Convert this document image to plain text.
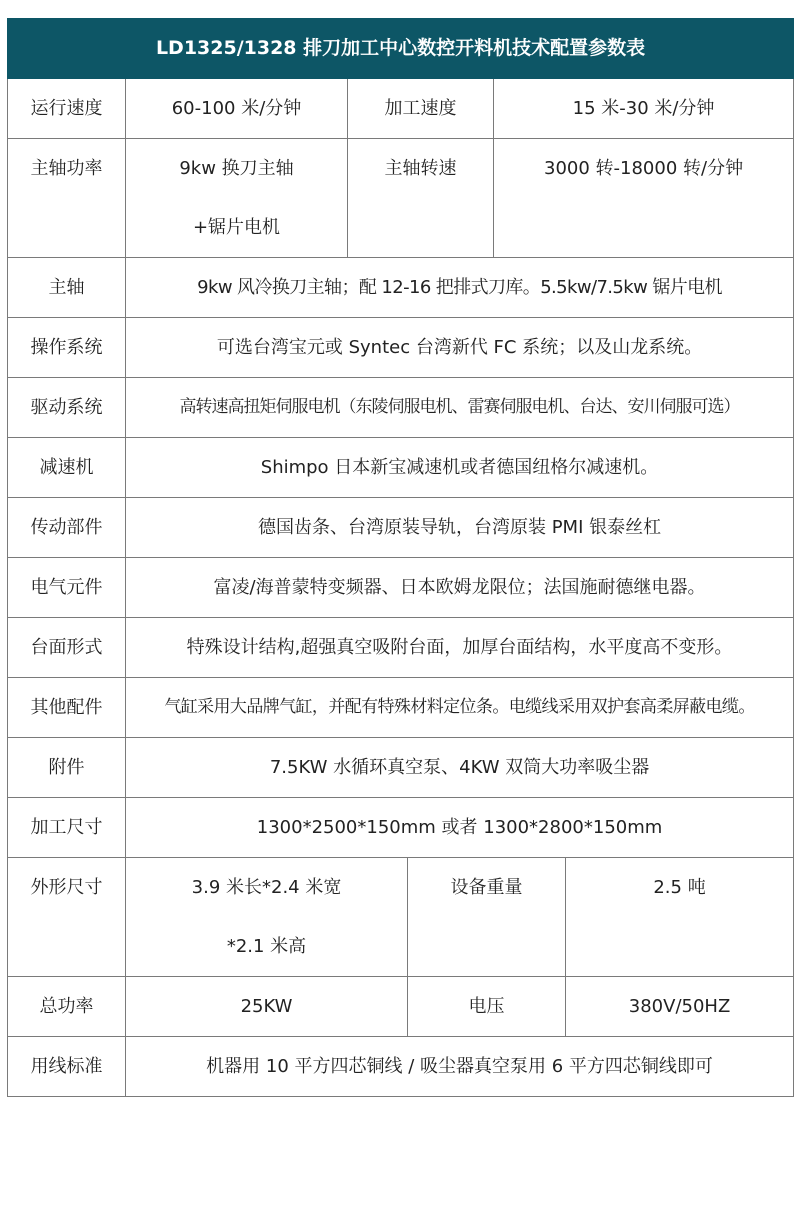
LD1325/1328 排刀加工中心数控开料机技术配置参数表					
运行速度	60-100 米/分钟	加工速度		15 米-30 米/分钟	
主轴功率	9kw 换刀主轴+锯片电机	主轴转速		3000 转-18000 转/分钟	
主轴	9kw 风冷换刀主轴；配 12-16 把排式刀库。5.5kw/7.5kw 锯片电机				
操作系统	可选台湾宝元或 Syntec 台湾新代 FC 系统；以及山龙系统。				
驱动系统	高转速高扭矩伺服电机（东陵伺服电机、雷赛伺服电机、台达、安川伺服可选）				
减速机	Shimpo 日本新宝减速机或者德国纽格尔减速机。				
传动部件	德国齿条、台湾原装导轨，台湾原装 PMI 银泰丝杠				
电气元件	富凌/海普蒙特变频器、日本欧姆龙限位；法国施耐德继电器。				
台面形式	特殊设计结构,超强真空吸附台面，加厚台面结构，水平度高不变形。				
其他配件	气缸采用大品牌气缸，并配有特殊材料定位条。电缆线采用双护套高柔屏蔽电缆。				
附件	7.5KW 水循环真空泵、4KW 双筒大功率吸尘器				
加工尺寸	1300*2500*150mm 或者 1300*2800*150mm				
外形尺寸	3.9 米长*2.4 米宽*2.1 米高		设备重量		2.5 吨
总功率	25KW		电压		380V/50HZ
用线标准	机器用 10 平方四芯铜线 / 吸尘器真空泵用 6 平方四芯铜线即可				
